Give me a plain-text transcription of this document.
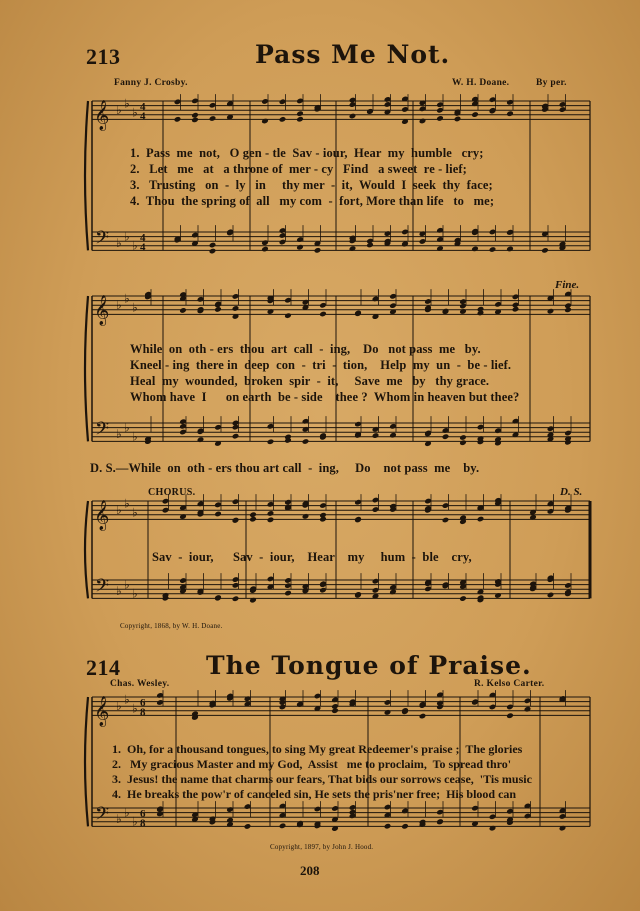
𝄞
𝄢
♭
♭
♭
♭
♭
♭
4
4
4
4
𝄞
𝄢
♭
♭
♭
♭
♭
♭
𝄞
𝄢
♭
♭
♭
♭
♭
♭
𝄞
𝄢
♭
♭
♭
♭
♭
♭
6
8
6
8
213	Pass Me Not.
Fanny J. Crosby.	W. H. Doane.	By per.
1.  Pass  me  not,   O gen - tle  Sav - iour,  Hear  my  humble   cry;
2.   Let   me   at   a throne of  mer - cy   Find   a sweet  re - lief;
3.   Trusting   on  -  ly   in     thy mer  -  it,  Would  I  seek  thy  face;
4.  Thou  the spring of  all   my com  -  fort, More than life   to   me;
Fine.
While  on  oth - ers  thou  art  call  -  ing,    Do   not pass  me   by.
Kneel - ing  there in  deep  con  -  tri  -  tion,    Help  my  un  -  be - lief.
Heal  my  wounded,  broken  spir  -  it,     Save  me   by   thy grace.
Whom have  I      on earth  be - side    thee ?  Whom in heaven but thee?
D. S.—While  on  oth - ers thou art call  -  ing,     Do    not pass  me    by.
CHORUS.	D. S.
Sav  -  iour,      Sav  -  iour,    Hear    my     hum  -  ble    cry,
Copyright, 1868, by W. H. Doane.
214	The Tongue of Praise.
Chas. Wesley.	R. Kelso Carter.
1.  Oh, for a thousand tongues, to sing My great Redeemer's praise ;  The glories
2.   My gracious Master and my God,  Assist   me to proclaim,  To spread thro'
3.  Jesus! the name that charms our fears, That bids our sorrows cease,  'Tis music
4.  He breaks the pow'r of canceled sin, He sets the pris'ner free;  His blood can
Copyright, 1897, by John J. Hood.
208
